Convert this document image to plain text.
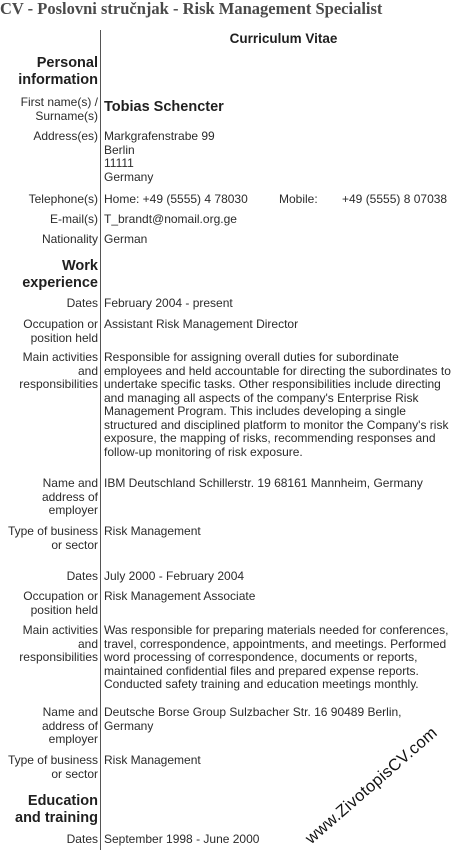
CV - Poslovni stručnjak - Risk Management Specialist
Curriculum Vitae
Personal
information
First name(s) /
Surname(s)
Tobias Schencter
Address(es) Markgrafenstrabe 99
Berlin
11111
Germany
Telephone(s) Home: +49 (5555) 4 78030	Mobile: +49 (5555) 8 07038
E-mail(s) T_brandt@nomail.org.ge
Nationality German
Work
experience
Dates February 2004 - present
Occupation or
position held
Assistant Risk Management Director
Main activities
and
responsibilities
Responsible for assigning overall duties for subordinate
employees and held accountable for directing the subordinates to
undertake specific tasks. Other responsibilities include directing
and managing all aspects of the company's Enterprise Risk
Management Program. This includes developing a single
structured and disciplined platform to monitor the Company's risk
exposure, the mapping of risks, recommending responses and
follow-up monitoring of risk exposure.
Name and
address of
employer
IBM Deutschland Schillerstr. 19 68161 Mannheim, Germany
Type of business
or sector
Risk Management
Dates July 2000 - February 2004
Occupation or
position held
Risk Management Associate
Main activities
and
responsibilities
Was responsible for preparing materials needed for conferences,
travel, correspondence, appointments, and meetings. Performed
word processing of correspondence, documents or reports,
maintained confidential files and prepared expense reports.
Conducted safety training and education meetings monthly.
Name and
address of
employer
Deutsche Borse Group Sulzbacher Str. 16 90489 Berlin,
Germany
Type of business
or sector
Risk Management
Education
and training
Dates September 1998 - June 2000	www.ZivotopisCV.com
